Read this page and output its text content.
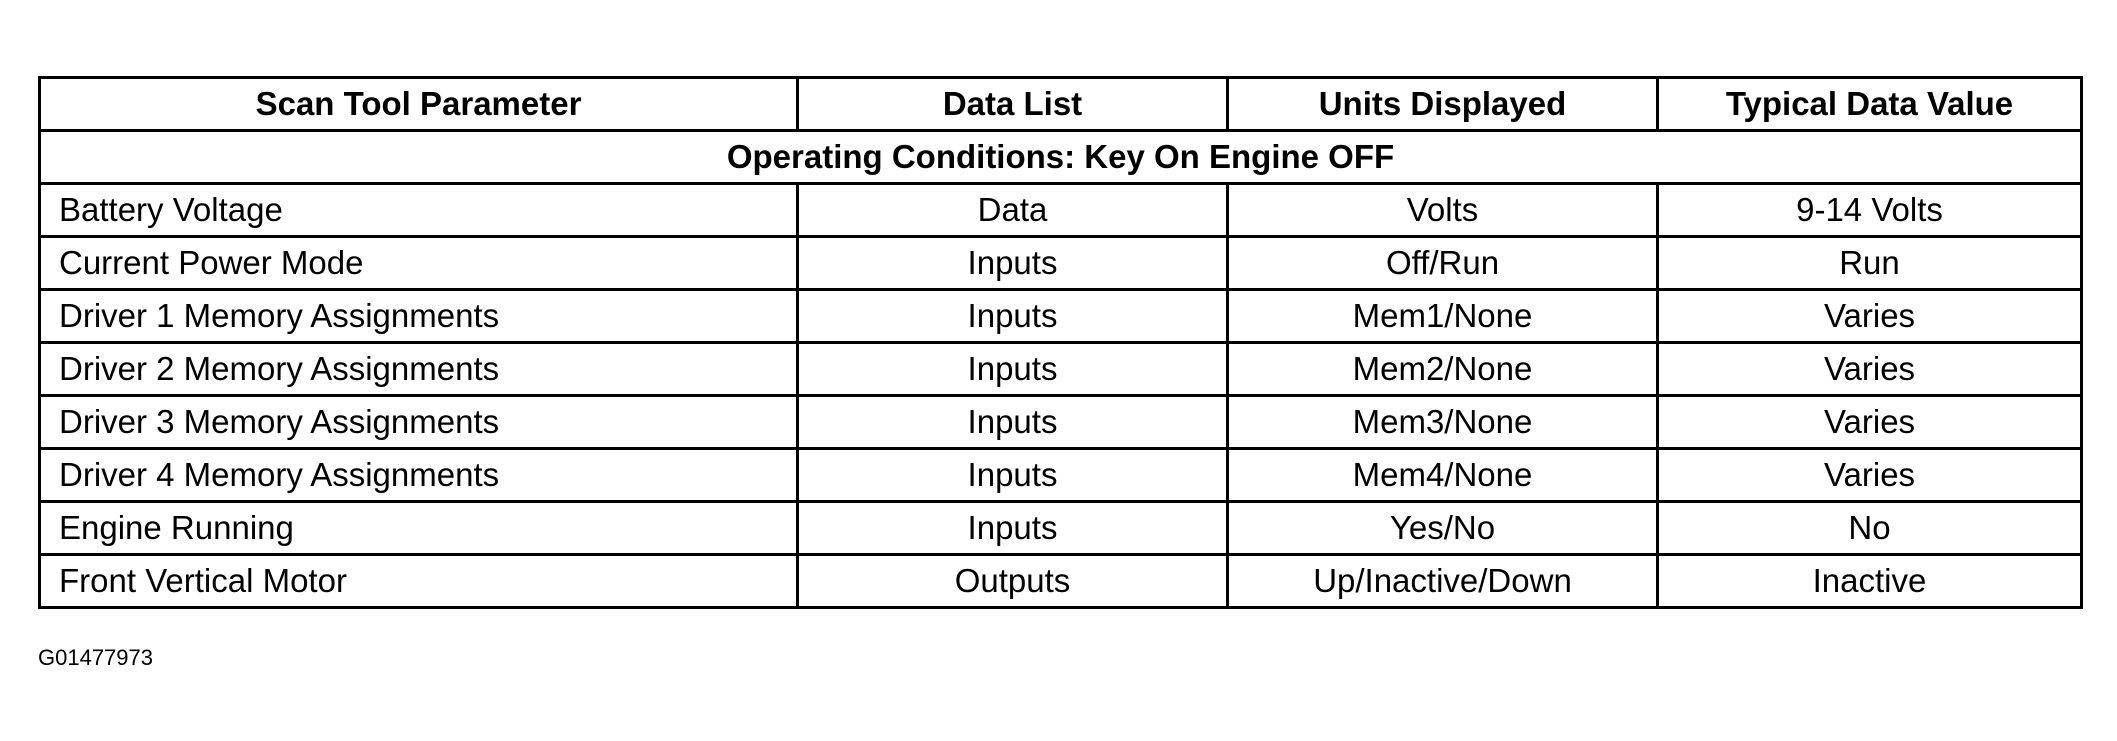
Scan Tool Parameter	Data List	Units Displayed	Typical Data Value
Operating Conditions: Key On Engine OFF			
Battery Voltage	Data	Volts	9-14 Volts
Current Power Mode	Inputs	Off/Run	Run
Driver 1 Memory Assignments	Inputs	Mem1/None	Varies
Driver 2 Memory Assignments	Inputs	Mem2/None	Varies
Driver 3 Memory Assignments	Inputs	Mem3/None	Varies
Driver 4 Memory Assignments	Inputs	Mem4/None	Varies
Engine Running	Inputs	Yes/No	No
Front Vertical Motor	Outputs	Up/Inactive/Down	Inactive
G01477973
